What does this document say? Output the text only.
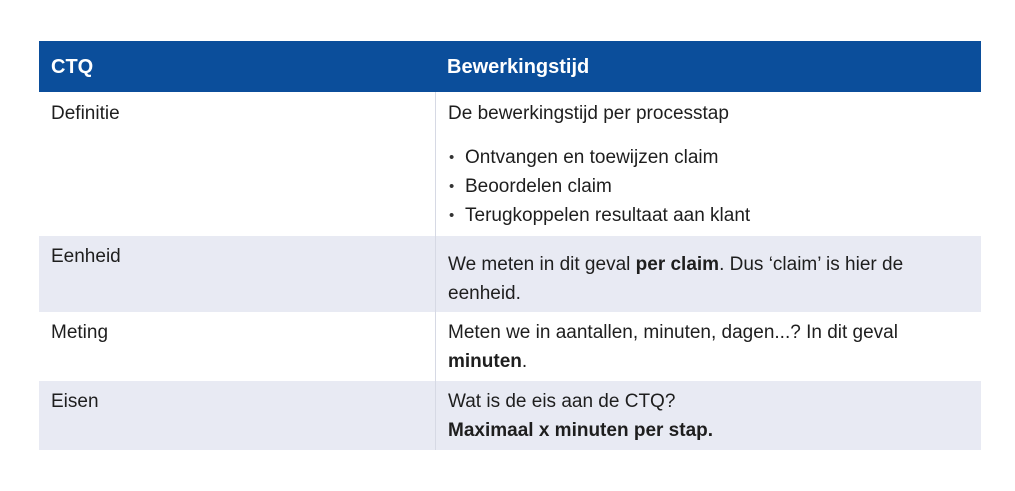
CTQ	Bewerkingstijd
Definitie	De bewerkingstijd per processtap
• Ontvangen en toewijzen claim
• Beoordelen claim
• Terugkoppelen resultaat aan klant
Eenheid	We meten in dit geval per claim. Dus ‘claim’ is hier de
eenheid.
Meting	Meten we in aantallen, minuten, dagen...? In dit geval
minuten.
Eisen	Wat is de eis aan de CTQ?
Maximaal x minuten per stap.
